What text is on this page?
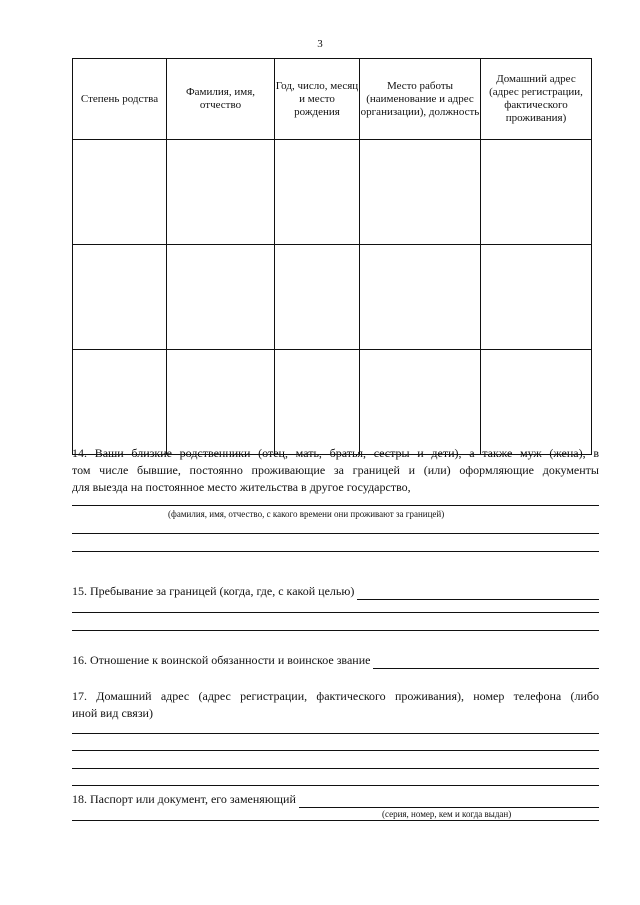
3
Степень родства	Фамилия, имя, отчество	Год, число, месяц и место рождения	Место работы (наименование и адрес организации), должность	Домашний адрес (адрес регистрации, фактического проживания)

14. Ваши близкие родственники (отец, мать, братья, сестры и дети), а также муж (жена), в
том числе бывшие, постоянно проживающие за границей и (или) оформляющие документы
для выезда на постоянное место жительства в другое государство,
(фамилия, имя, отчество, с какого времени они проживают за границей)
15. Пребывание за границей (когда, где, с какой целью)
16. Отношение к воинской обязанности и воинское звание
17. Домашний адрес (адрес регистрации, фактического проживания), номер телефона (либо
иной вид связи)
18. Паспорт или документ, его заменяющий
(серия, номер, кем и когда выдан)
